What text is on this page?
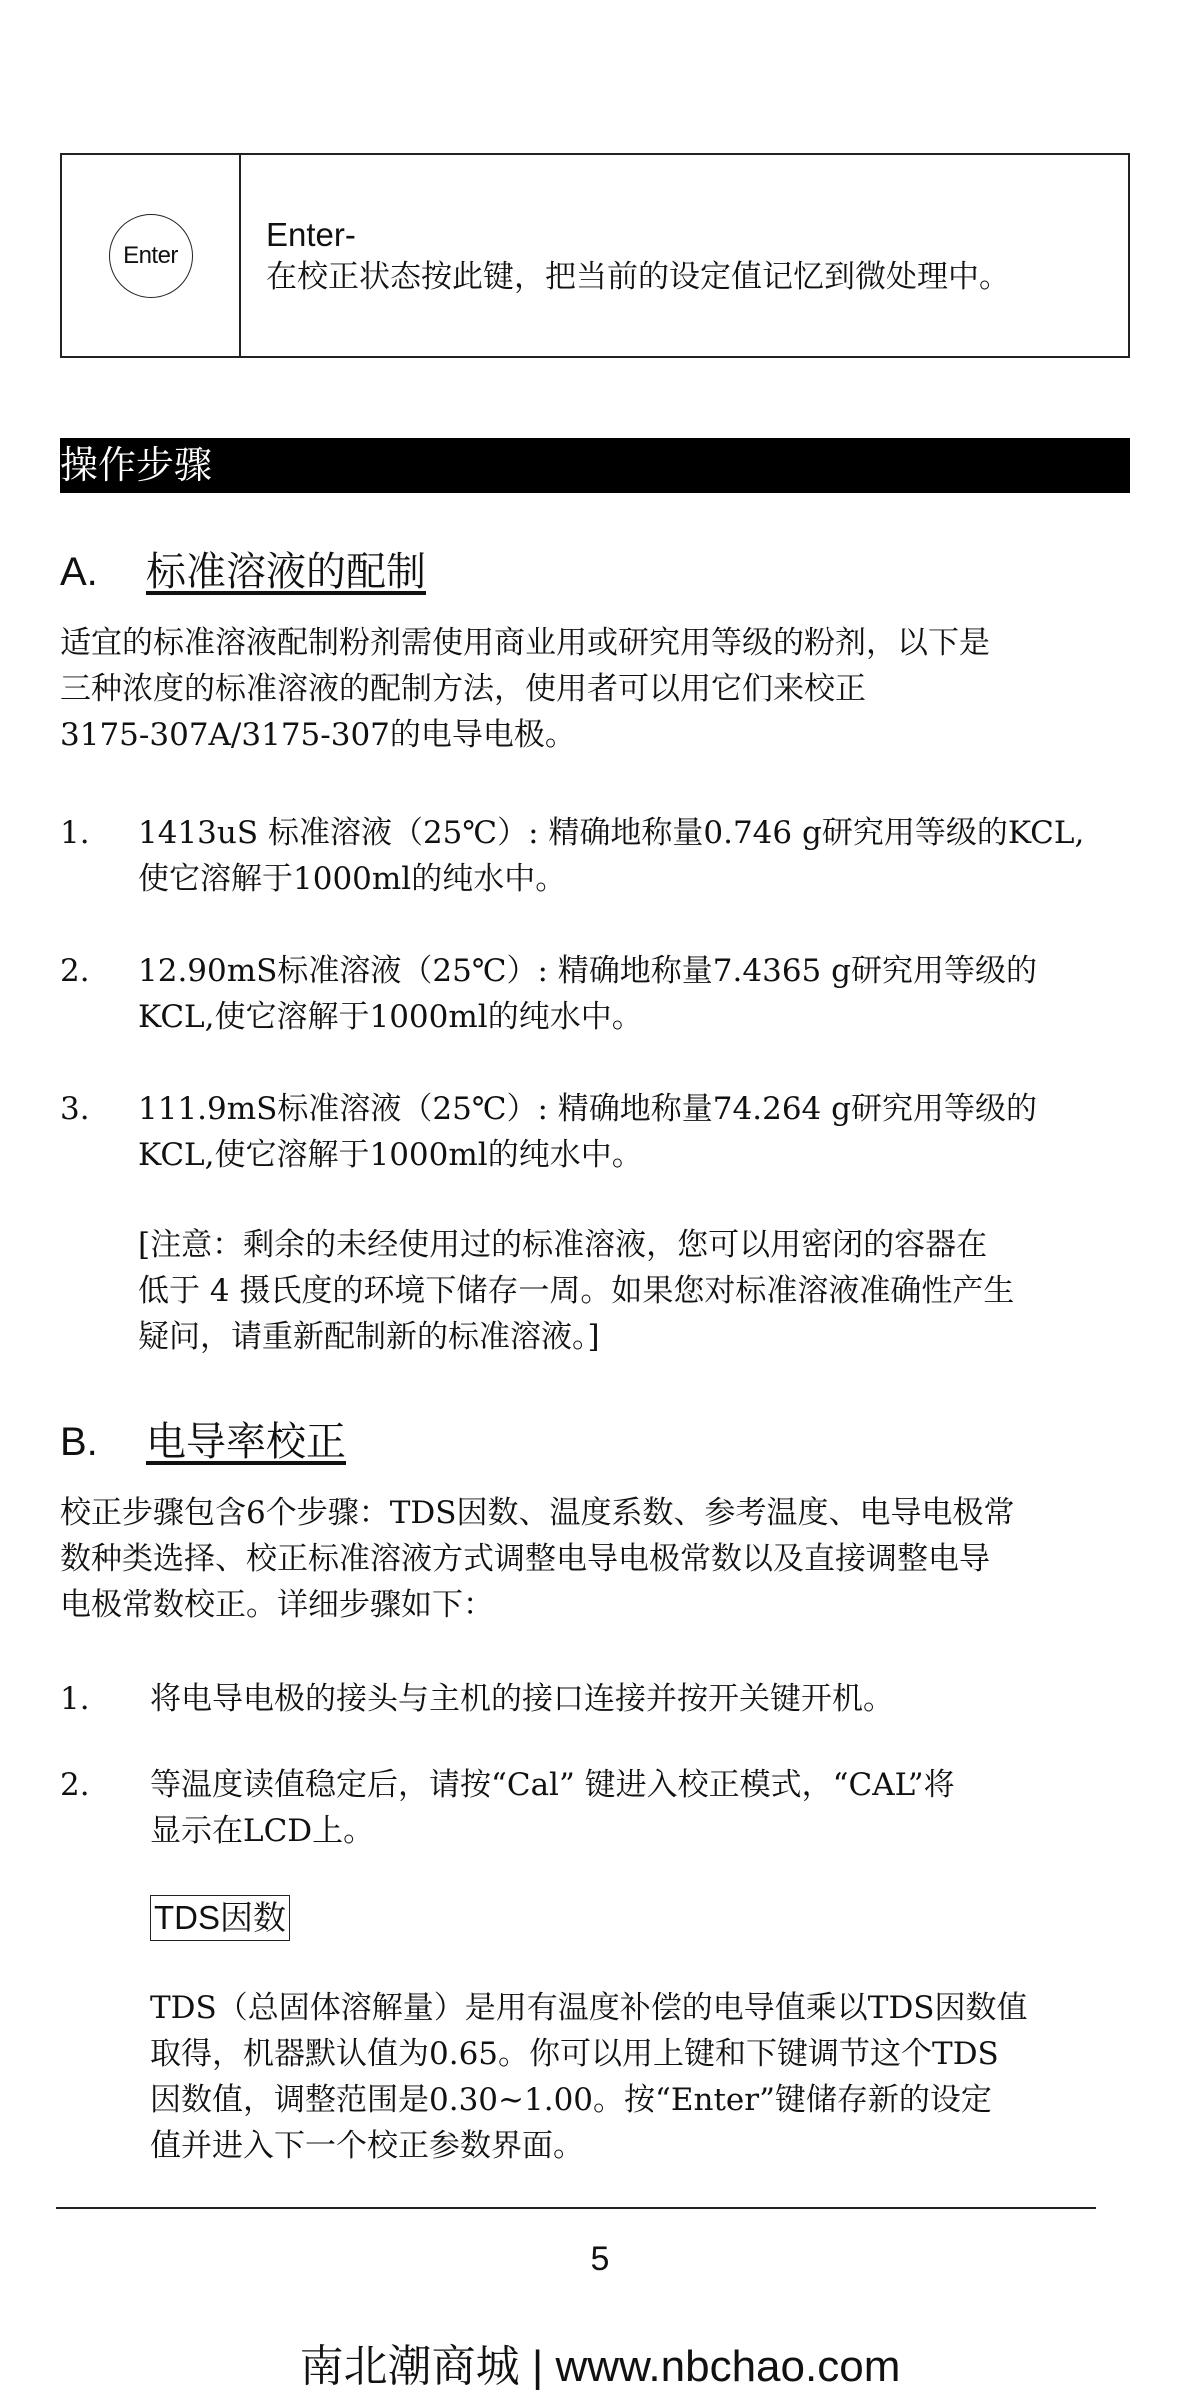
Enter
Enter-
在校正状态按此键，把当前的设定值记忆到微处理中。
操作步骤
A. 标准溶液的配制
适宜的标准溶液配制粉剂需使用商业用或研究用等级的粉剂，以下是
三种浓度的标准溶液的配制方法，使用者可以用它们来校正
3175-307A/3175-307的电导电极。
1. 1413uS 标准溶液（25℃）: 精确地称量0.746 g研究用等级的KCL,
使它溶解于1000ml的纯水中。
2. 12.90mS标准溶液（25℃）: 精确地称量7.4365 g研究用等级的
KCL,使它溶解于1000ml的纯水中。
3. 111.9mS标准溶液（25℃）: 精确地称量74.264 g研究用等级的
KCL,使它溶解于1000ml的纯水中。
[注意：剩余的未经使用过的标准溶液，您可以用密闭的容器在
低于 4 摄氏度的环境下储存一周。如果您对标准溶液准确性产生
疑问，请重新配制新的标准溶液。]
B. 电导率校正
校正步骤包含6个步骤：TDS因数、温度系数、参考温度、电导电极常
数种类选择、校正标准溶液方式调整电导电极常数以及直接调整电导
电极常数校正。详细步骤如下：
1. 将电导电极的接头与主机的接口连接并按开关键开机。
2. 等温度读值稳定后，请按“Cal” 键进入校正模式，“CAL”将
显示在LCD上。
TDS因数
TDS（总固体溶解量）是用有温度补偿的电导值乘以TDS因数值
取得，机器默认值为0.65。你可以用上键和下键调节这个TDS
因数值，调整范围是0.30~1.00。按“Enter”键储存新的设定
值并进入下一个校正参数界面。
5
南北潮商城 | www.nbchao.com
